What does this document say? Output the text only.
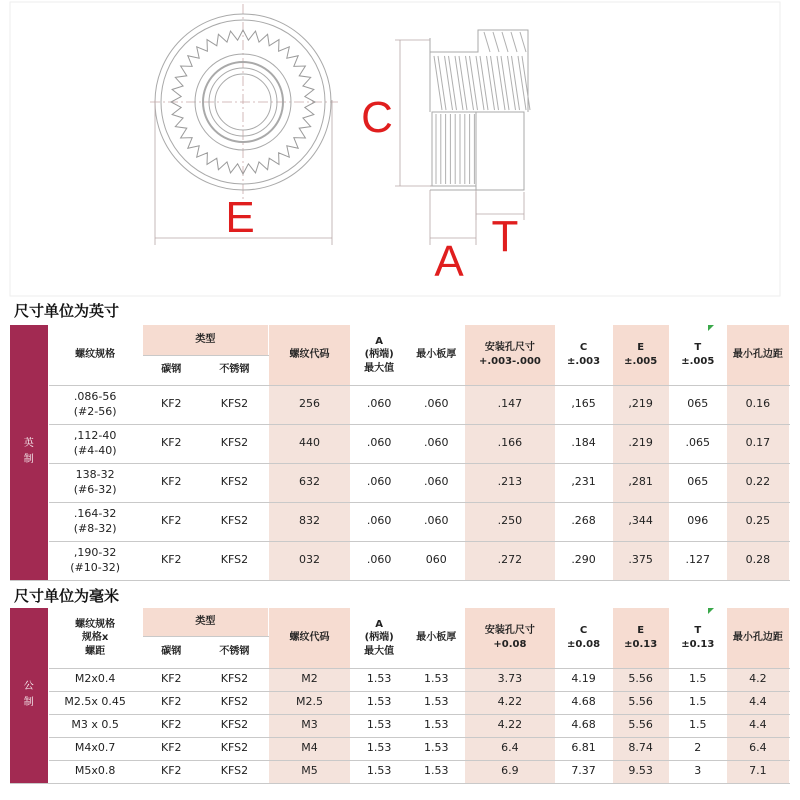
E
C
A
T
尺寸单位为英寸
英
制	螺纹规格	类型		螺纹代码	A
(柄端)
最大值	最小板厚	安装孔尺寸
+.003-.000	C
±.003	E
±.005	T
±.005	最小孔边距
		碳钢	不锈钢								
	.086-56
(#2-56)	KF2	KFS2	256	.060	.060	.147	,165	,219	065	0.16
	,112-40
(#4-40)	KF2	KFS2	440	.060	.060	.166	.184	.219	.065	0.17
	138-32
(#6-32)	KF2	KFS2	632	.060	.060	.213	,231	,281	065	0.22
	.164-32
(#8-32)	KF2	KFS2	832	.060	.060	.250	.268	,344	096	0.25
	,190-32
(#10-32)	KF2	KFS2	032	.060	060	.272	.290	.375	.127	0.28
尺寸单位为毫米
公
制	螺纹规格
规格x
螺距	类型		螺纹代码	A
(柄端)
最大值	最小板厚	安装孔尺寸
+0.08	C
±0.08	E
±0.13	T
±0.13	最小孔边距
		碳钢	不锈钢								
	M2x0.4	KF2	KFS2	M2	1.53	1.53	3.73	4.19	5.56	1.5	4.2
	M2.5x 0.45	KF2	KFS2	M2.5	1.53	1.53	4.22	4.68	5.56	1.5	4.4
	M3 x 0.5	KF2	KFS2	M3	1.53	1.53	4.22	4.68	5.56	1.5	4.4
	M4x0.7	KF2	KFS2	M4	1.53	1.53	6.4	6.81	8.74	2	6.4
	M5x0.8	KF2	KFS2	M5	1.53	1.53	6.9	7.37	9.53	3	7.1
